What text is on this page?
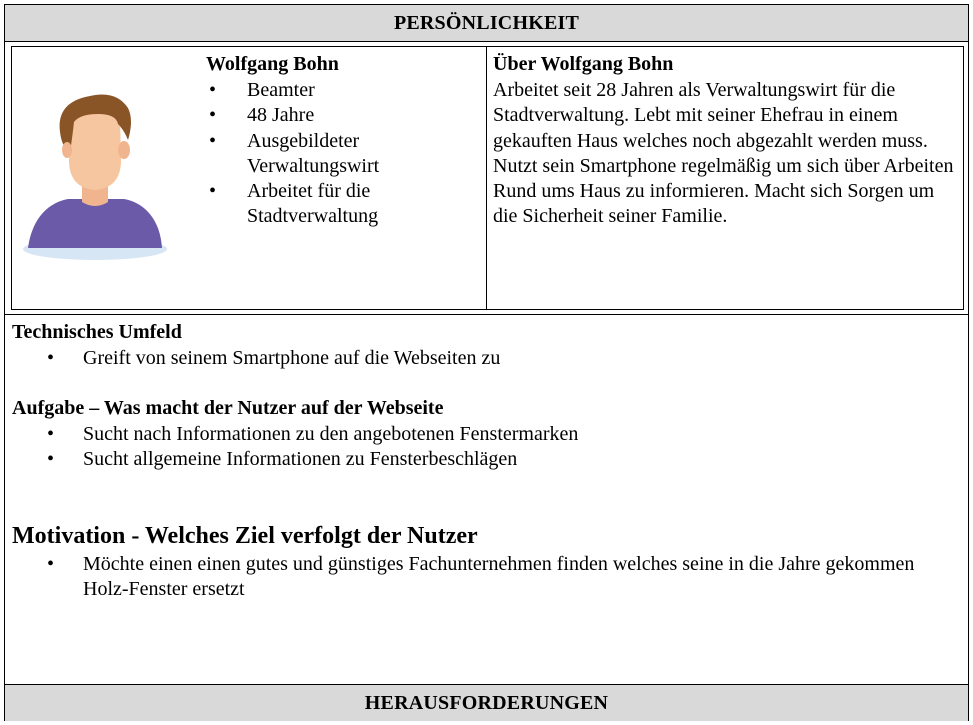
PERSÖNLICHKEIT
Wolfgang Bohn
• Beamter
• 48 Jahre
• Ausgebildeter Verwaltungswirt
• Arbeitet für die Stadtverwaltung
Über Wolfgang Bohn
Arbeitet seit 28 Jahren als Verwaltungswirt für die Stadtverwaltung. Lebt mit seiner Ehefrau in einem gekauften Haus welches noch abgezahlt werden muss. Nutzt sein Smartphone regelmäßig um sich über Arbeiten Rund ums Haus zu informieren. Macht sich Sorgen um die Sicherheit seiner Familie.
Technisches Umfeld
• Greift von seinem Smartphone auf die Webseiten zu
Aufgabe – Was macht der Nutzer auf der Webseite
• Sucht nach Informationen zu den angebotenen Fenstermarken
• Sucht allgemeine Informationen zu Fensterbeschlägen
Motivation - Welches Ziel verfolgt der Nutzer
• Möchte einen einen gutes und günstiges Fachunternehmen finden welches seine in die Jahre gekommen Holz-Fenster ersetzt
HERAUSFORDERUNGEN
